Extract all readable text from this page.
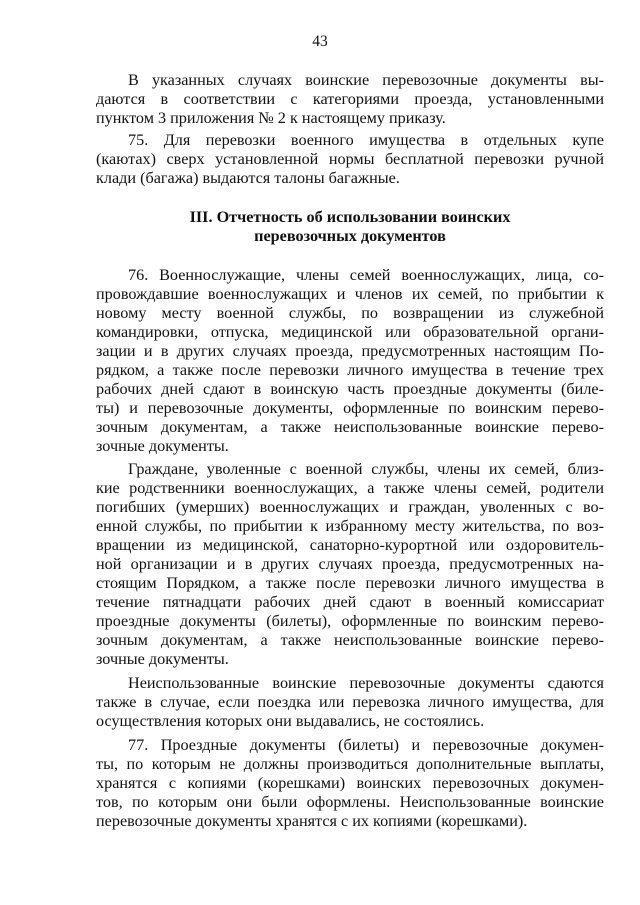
43
В указанных случаях воинские перевозочные документы вы-
даются в соответствии с категориями проезда, установленными
пунктом 3 приложения № 2 к настоящему приказу.
75. Для перевозки военного имущества в отдельных купе
(каютах) сверх установленной нормы бесплатной перевозки ручной
клади (багажа) выдаются талоны багажные.
III. Отчетность об использовании воинских
перевозочных документов
76. Военнослужащие, члены семей военнослужащих, лица, со-
провождавшие военнослужащих и членов их семей, по прибытии к
новому месту военной службы, по возвращении из служебной
командировки, отпуска, медицинской или образовательной органи-
зации и в других случаях проезда, предусмотренных настоящим По-
рядком, а также после перевозки личного имущества в течение трех
рабочих дней сдают в воинскую часть проездные документы (биле-
ты) и перевозочные документы, оформленные по воинским перево-
зочным документам, а также неиспользованные воинские перево-
зочные документы.
Граждане, уволенные с военной службы, члены их семей, близ-
кие родственники военнослужащих, а также члены семей, родители
погибших (умерших) военнослужащих и граждан, уволенных с во-
енной службы, по прибытии к избранному месту жительства, по воз-
вращении из медицинской, санаторно-курортной или оздоровитель-
ной организации и в других случаях проезда, предусмотренных на-
стоящим Порядком, а также после перевозки личного имущества в
течение пятнадцати рабочих дней сдают в военный комиссариат
проездные документы (билеты), оформленные по воинским перево-
зочным документам, а также неиспользованные воинские перево-
зочные документы.
Неиспользованные воинские перевозочные документы сдаются
также в случае, если поездка или перевозка личного имущества, для
осуществления которых они выдавались, не состоялись.
77. Проездные документы (билеты) и перевозочные докумен-
ты, по которым не должны производиться дополнительные выплаты,
хранятся с копиями (корешками) воинских перевозочных докумен-
тов, по которым они были оформлены. Неиспользованные воинские
перевозочные документы хранятся с их копиями (корешками).
